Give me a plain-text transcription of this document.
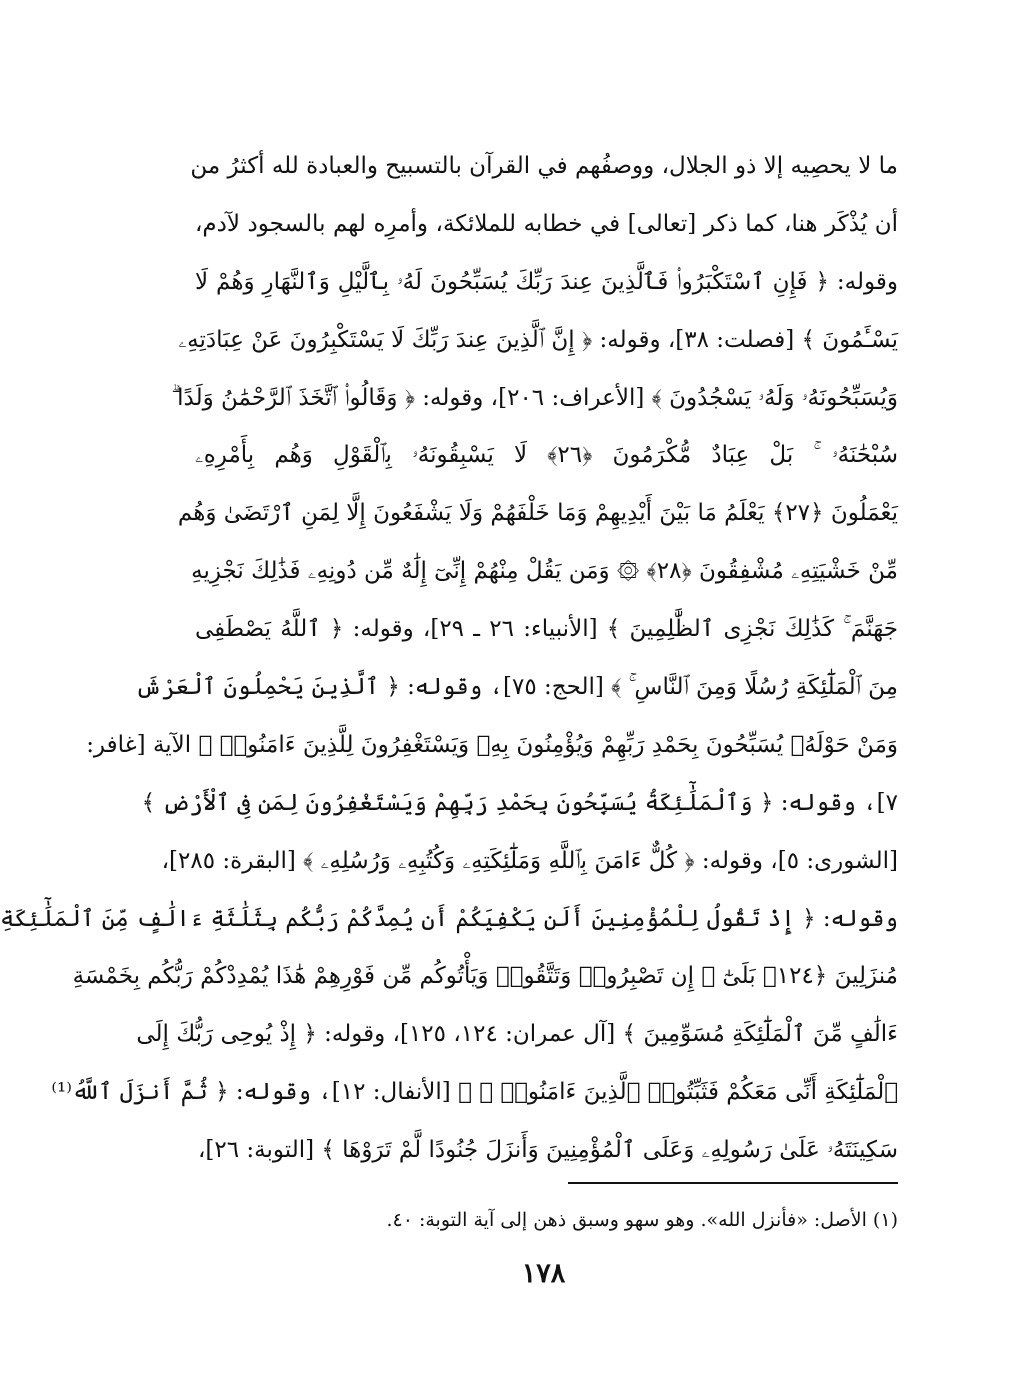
ما لا يحصِيه إلا ذو الجلال، ووصفُهم في القرآن بالتسبيح والعبادة لله أكثرُ من
أن يُذْكَر هنا، كما ذكر [تعالى] في خطابه للملائكة، وأمرِه لهم بالسجود لآدم،
وقوله: ﴿ فَإِنِ ٱسْتَكْبَرُوا۟ فَٱلَّذِينَ عِندَ رَبِّكَ يُسَبِّحُونَ لَهُۥ بِٱلَّيْلِ وَٱلنَّهَارِ وَهُمْ لَا
يَسْـَٔمُونَ ﴾ [فصلت: ٣٨]، وقوله: ﴿ إِنَّ ٱلَّذِينَ عِندَ رَبِّكَ لَا يَسْتَكْبِرُونَ عَنْ عِبَادَتِهِۦ
وَيُسَبِّحُونَهُۥ وَلَهُۥ يَسْجُدُونَ ﴾ [الأعراف: ٢٠٦]، وقوله: ﴿ وَقَالُوا۟ ٱتَّخَذَ ٱلرَّحْمَٰنُ وَلَدًا ۗ
سُبْحَٰنَهُۥ ۚ بَلْ عِبَادٌ مُّكْرَمُونَ ﴿٢٦﴾ لَا يَسْبِقُونَهُۥ بِٱلْقَوْلِ وَهُم بِأَمْرِهِۦ
يَعْمَلُونَ ﴿٢٧﴾ يَعْلَمُ مَا بَيْنَ أَيْدِيهِمْ وَمَا خَلْفَهُمْ وَلَا يَشْفَعُونَ إِلَّا لِمَنِ ٱرْتَضَىٰ وَهُم
مِّنْ خَشْيَتِهِۦ مُشْفِقُونَ ﴿٢٨﴾ ۞ وَمَن يَقُلْ مِنْهُمْ إِنِّىٓ إِلَٰهٌ مِّن دُونِهِۦ فَذَٰلِكَ نَجْزِيهِ
جَهَنَّمَ ۚ كَذَٰلِكَ نَجْزِى ٱلظَّٰلِمِينَ ﴾ [الأنبياء: ٢٦ ـ ٢٩]، وقوله: ﴿ ٱللَّهُ يَصْطَفِى
مِنَ ٱلْمَلَٰٓئِكَةِ رُسُلًا وَمِنَ ٱلنَّاسِ ۚ ﴾ [الحج: ٧٥]، وقوله: ﴿ ٱلَّذِينَ يَحْمِلُونَ ٱلْعَرْشَ
وَمَنْ حَوْلَهُۥ يُسَبِّحُونَ بِحَمْدِ رَبِّهِمْ وَيُؤْمِنُونَ بِهِۦ وَيَسْتَغْفِرُونَ لِلَّذِينَ ءَامَنُوا۟ ﴾ الآية [غافر:
٧]، وقوله: ﴿ وَٱلْمَلَٰٓئِكَةُ يُسَبِّحُونَ بِحَمْدِ رَبِّهِمْ وَيَسْتَغْفِرُونَ لِمَن فِى ٱلْأَرْضِ ﴾
[الشورى: ٥]، وقوله: ﴿ كُلٌّ ءَامَنَ بِٱللَّهِ وَمَلَٰٓئِكَتِهِۦ وَكُتُبِهِۦ وَرُسُلِهِۦ ﴾ [البقرة: ٢٨٥]،
وقوله: ﴿ إِذْ تَقُولُ لِلْمُؤْمِنِينَ أَلَن يَكْفِيَكُمْ أَن يُمِدَّكُمْ رَبُّكُم بِثَلَٰثَةِ ءَالَٰفٍ مِّنَ ٱلْمَلَٰٓئِكَةِ
مُنزَلِينَ ﴿١٢٤﴾ بَلَىٰٓ ۚ إِن تَصْبِرُوا۟ وَتَتَّقُوا۟ وَيَأْتُوكُم مِّن فَوْرِهِمْ هَٰذَا يُمْدِدْكُمْ رَبُّكُم بِخَمْسَةِ
ءَالَٰفٍ مِّنَ ٱلْمَلَٰٓئِكَةِ مُسَوِّمِينَ ﴾ [آل عمران: ١٢٤، ١٢٥]، وقوله: ﴿ إِذْ يُوحِى رَبُّكَ إِلَى
ٱلْمَلَٰٓئِكَةِ أَنِّى مَعَكُمْ فَثَبِّتُوا۟ ٱلَّذِينَ ءَامَنُوا۟ ۚ ﴾ [الأنفال: ١٢]، وقوله: ﴿ ثُمَّ أَنزَلَ ٱللَّهُ⁽¹⁾
سَكِينَتَهُۥ عَلَىٰ رَسُولِهِۦ وَعَلَى ٱلْمُؤْمِنِينَ وَأَنزَلَ جُنُودًا لَّمْ تَرَوْهَا ﴾ [التوبة: ٢٦]،
(١) الأصل: «فأنزل الله». وهو سهو وسبق ذهن إلى آية التوبة: ٤٠.
١٧٨
